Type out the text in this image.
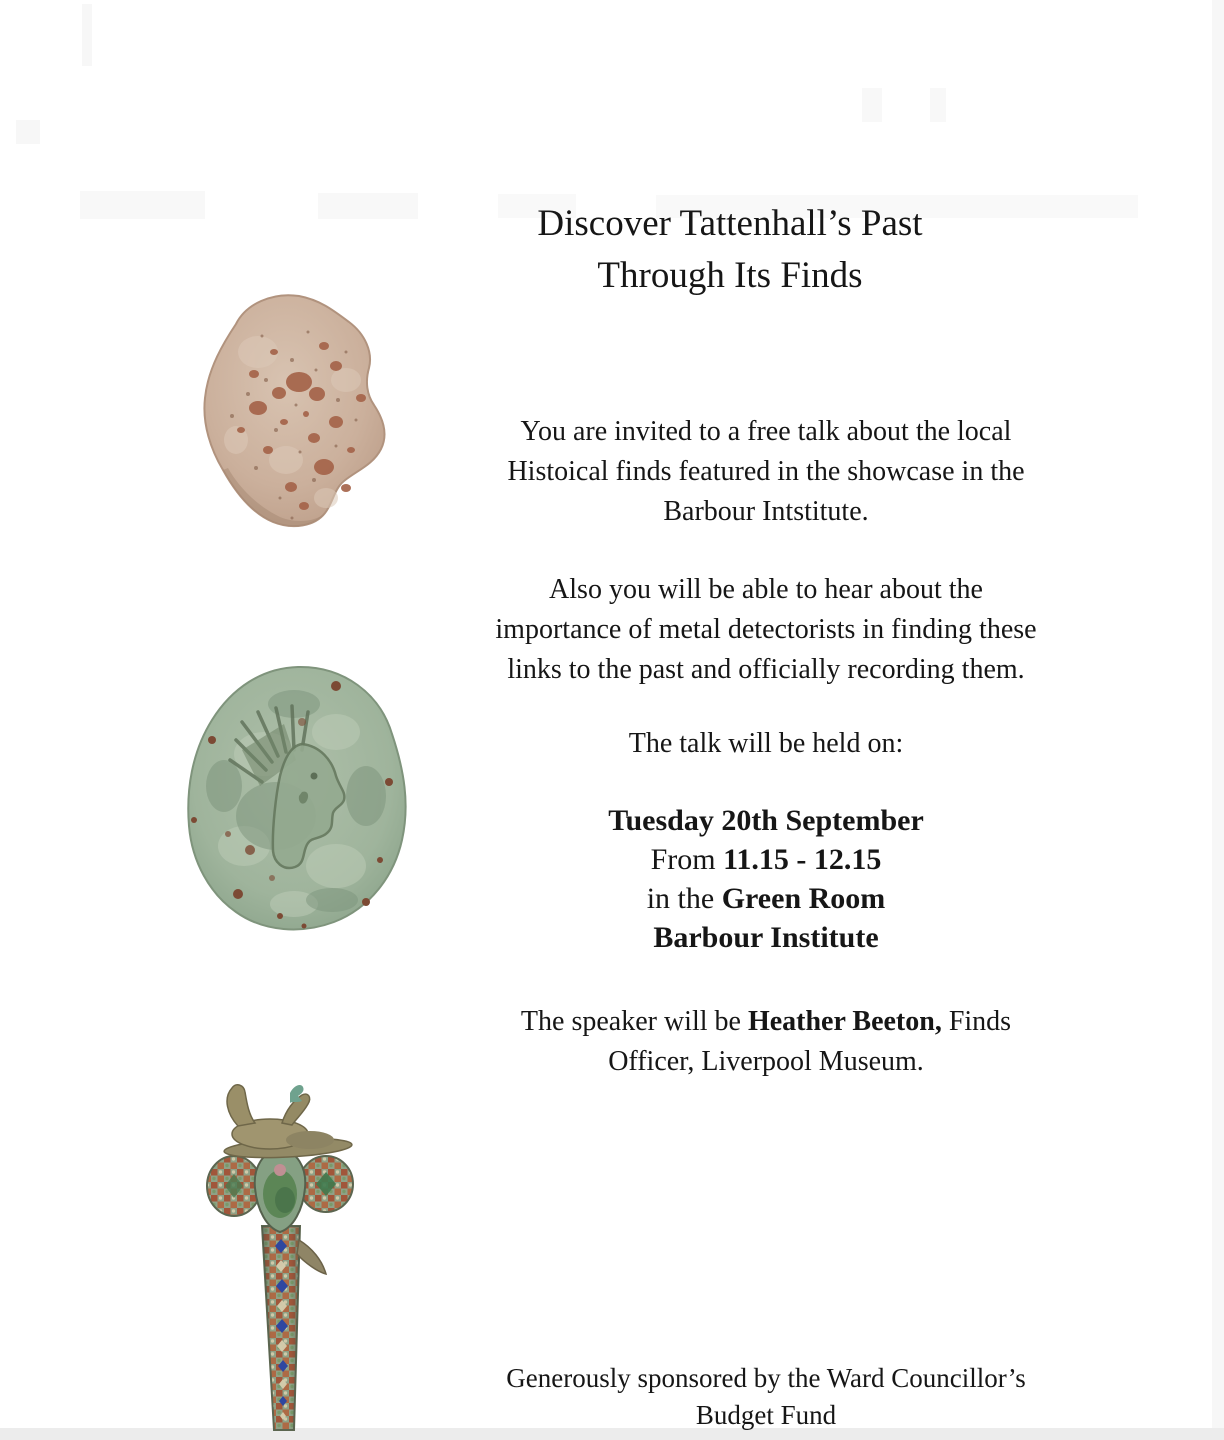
Discover Tattenhall’s Past
Through Its Finds
You are invited to a free talk about the local
Histoical finds featured in the showcase in the
Barbour Intstitute.
Also you will be able to hear about the
importance of metal detectorists in finding these
links to the past and officially recording them.
The talk will be held on:
Tuesday 20th September
From 11.15 - 12.15
in the Green Room
Barbour Institute
The speaker will be Heather Beeton, Finds
Officer, Liverpool Museum.
Generously sponsored by the Ward Councillor’s
Budget Fund
